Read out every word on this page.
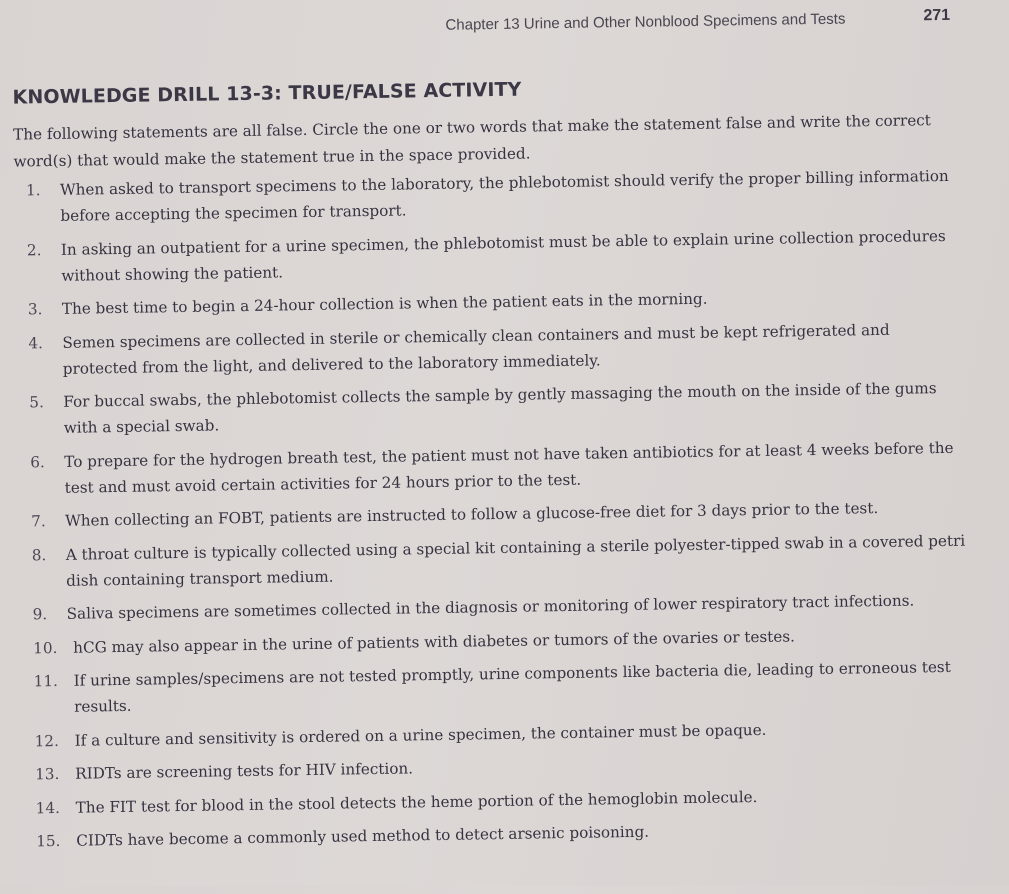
Chapter 13 Urine and Other Nonblood Specimens and Tests	271
KNOWLEDGE DRILL 13-3: TRUE/FALSE ACTIVITY
The following statements are all false. Circle the one or two words that make the statement false and write the correct word(s) that would make the statement true in the space provided.
1.	When asked to transport specimens to the laboratory, the phlebotomist should verify the proper billing information before accepting the specimen for transport.
2.	In asking an outpatient for a urine specimen, the phlebotomist must be able to explain urine collection procedures without showing the patient.
3.	The best time to begin a 24-hour collection is when the patient eats in the morning.
4.	Semen specimens are collected in sterile or chemically clean containers and must be kept refrigerated and protected from the light, and delivered to the laboratory immediately.
5.	For buccal swabs, the phlebotomist collects the sample by gently massaging the mouth on the inside of the gums with a special swab.
6.	To prepare for the hydrogen breath test, the patient must not have taken antibiotics for at least 4 weeks before the test and must avoid certain activities for 24 hours prior to the test.
7.	When collecting an FOBT, patients are instructed to follow a glucose-free diet for 3 days prior to the test.
8.	A throat culture is typically collected using a special kit containing a sterile polyester-tipped swab in a covered petri dish containing transport medium.
9.	Saliva specimens are sometimes collected in the diagnosis or monitoring of lower respiratory tract infections.
10.	hCG may also appear in the urine of patients with diabetes or tumors of the ovaries or testes.
11.	If urine samples/specimens are not tested promptly, urine components like bacteria die, leading to erroneous test results.
12.	If a culture and sensitivity is ordered on a urine specimen, the container must be opaque.
13.	RIDTs are screening tests for HIV infection.
14.	The FIT test for blood in the stool detects the heme portion of the hemoglobin molecule.
15.	CIDTs have become a commonly used method to detect arsenic poisoning.
